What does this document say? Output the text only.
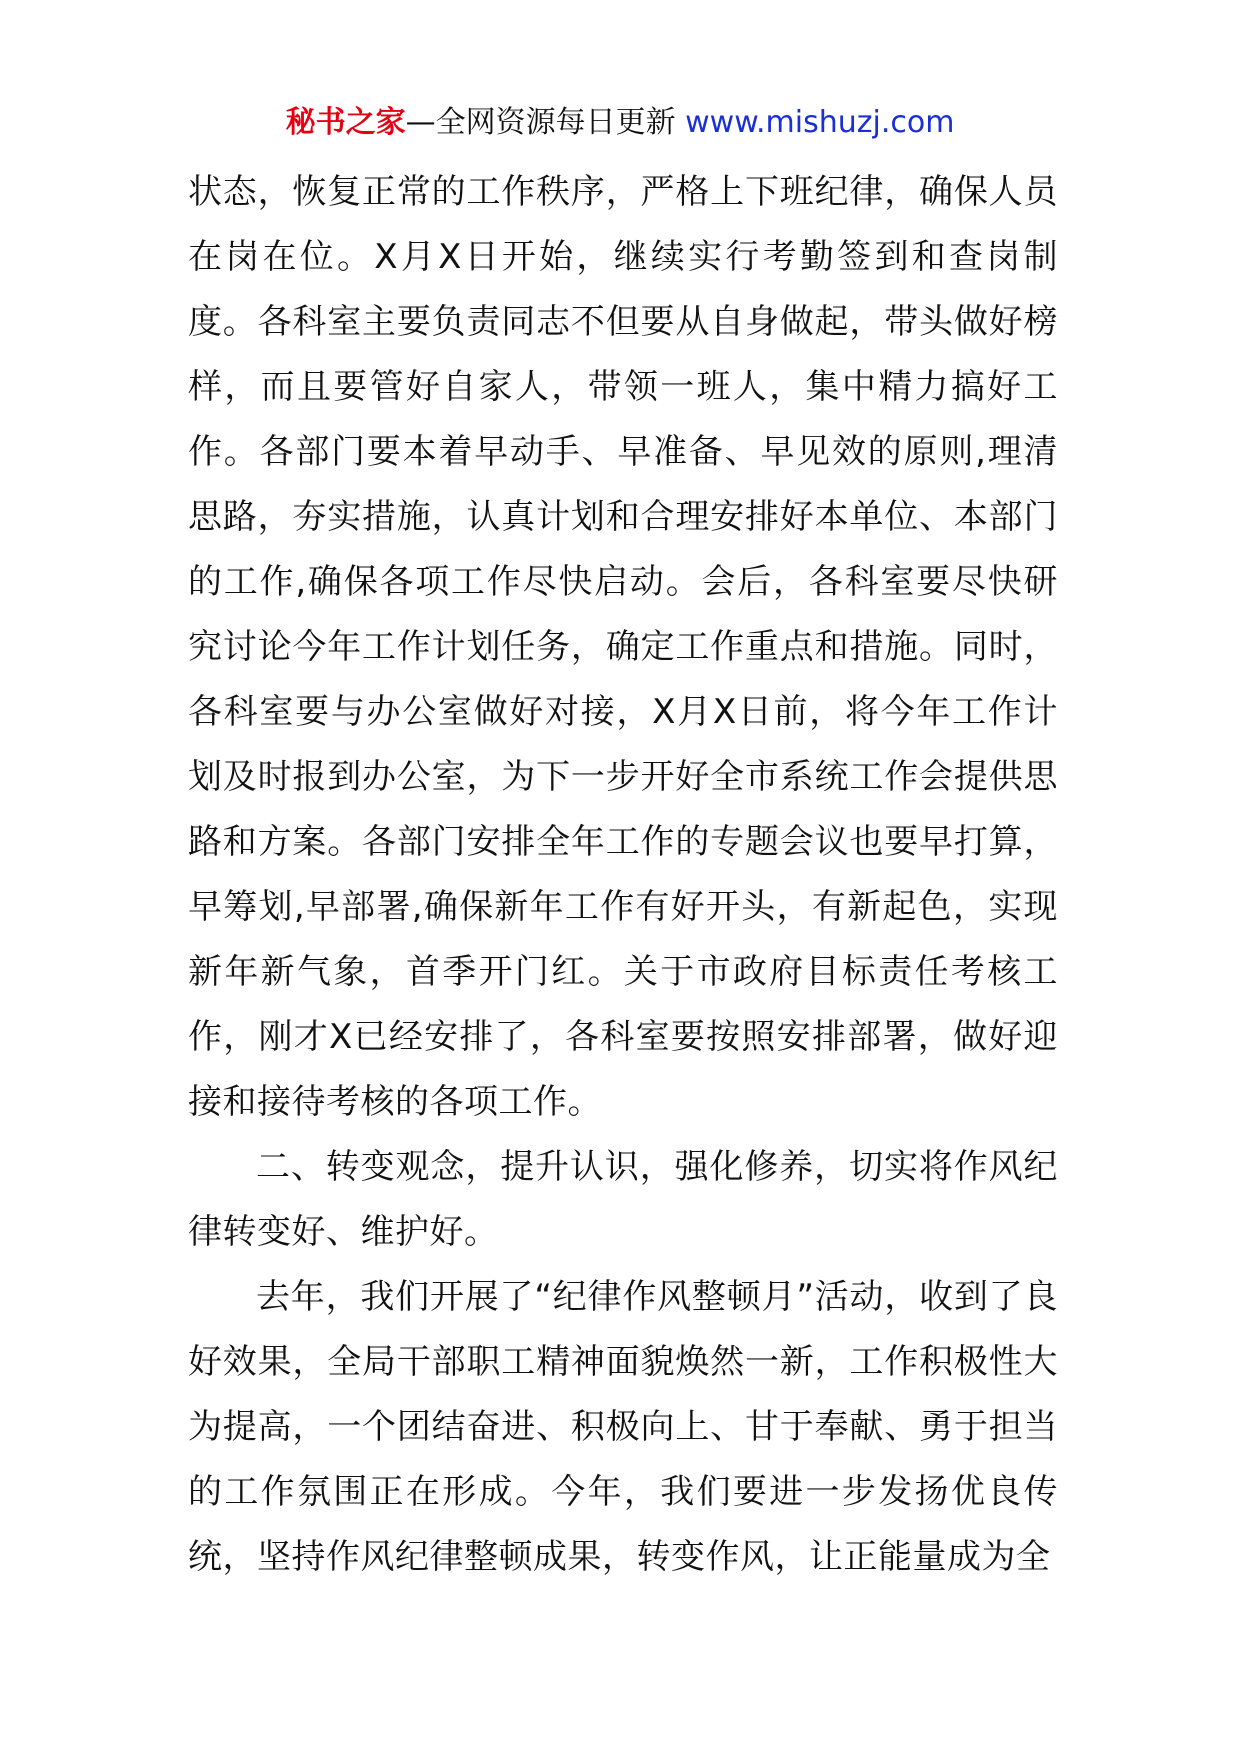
秘书之家—全网资源每日更新 www.mishuzj.com

状态，恢复正常的工作秩序，严格上下班纪律，确保人员在岗在位。X月X日开始，继续实行考勤签到和查岗制度。各科室主要负责同志不但要从自身做起，带头做好榜样，而且要管好自家人，带领一班人，集中精力搞好工作。各部门要本着早动手、早准备、早见效的原则,理清思路，夯实措施，认真计划和合理安排好本单位、本部门的工作,确保各项工作尽快启动。会后，各科室要尽快研究讨论今年工作计划任务，确定工作重点和措施。同时，各科室要与办公室做好对接，X月X日前，将今年工作计划及时报到办公室，为下一步开好全市系统工作会提供思路和方案。各部门安排全年工作的专题会议也要早打算，早筹划,早部署,确保新年工作有好开头，有新起色，实现新年新气象，首季开门红。关于市政府目标责任考核工作，刚才X已经安排了，各科室要按照安排部署，做好迎接和接待考核的各项工作。

二、转变观念，提升认识，强化修养，切实将作风纪律转变好、维护好。

去年，我们开展了“纪律作风整顿月”活动，收到了良好效果，全局干部职工精神面貌焕然一新，工作积极性大为提高，一个团结奋进、积极向上、甘于奉献、勇于担当的工作氛围正在形成。今年，我们要进一步发扬优良传统，坚持作风纪律整顿成果，转变作风，让正能量成为全
